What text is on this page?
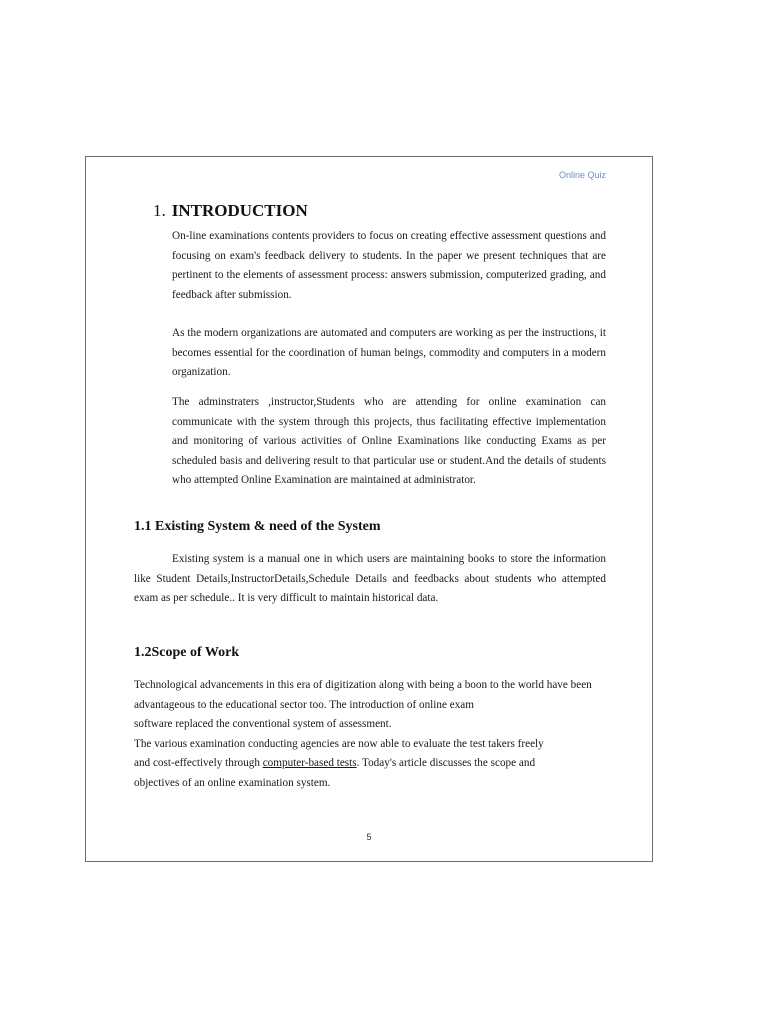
Online Quiz
1. INTRODUCTION
On-line examinations contents providers to focus on creating effective assessment questions and focusing on exam's feedback delivery to students. In the paper we present techniques that are pertinent to the elements of assessment process: answers submission, computerized grading, and feedback after submission.
As the modern organizations are automated and computers are working as per the instructions, it becomes essential for the coordination of human beings, commodity and computers in a modern organization.
The adminstraters ,instructor,Students who are attending for online examination can communicate with the system through this projects, thus facilitating effective implementation and monitoring of various activities of Online Examinations like conducting Exams as per scheduled basis and delivering result to that particular use or student.And the details of students who attempted Online Examination are maintained at administrator.
1.1 Existing System & need of the System
Existing system is a manual one in which users are maintaining books to store the information like Student Details,InstructorDetails,Schedule Details and feedbacks about students who attempted exam as per schedule.. It is very difficult to maintain historical data.
1.2Scope of Work
Technological advancements in this era of digitization along with being a boon to the world have been advantageous to the educational sector too. The introduction of online exam
software replaced the conventional system of assessment.
The various examination conducting agencies are now able to evaluate the test takers freely
and cost-effectively through computer-based tests. Today's article discusses the scope and
objectives of an online examination system.
5
